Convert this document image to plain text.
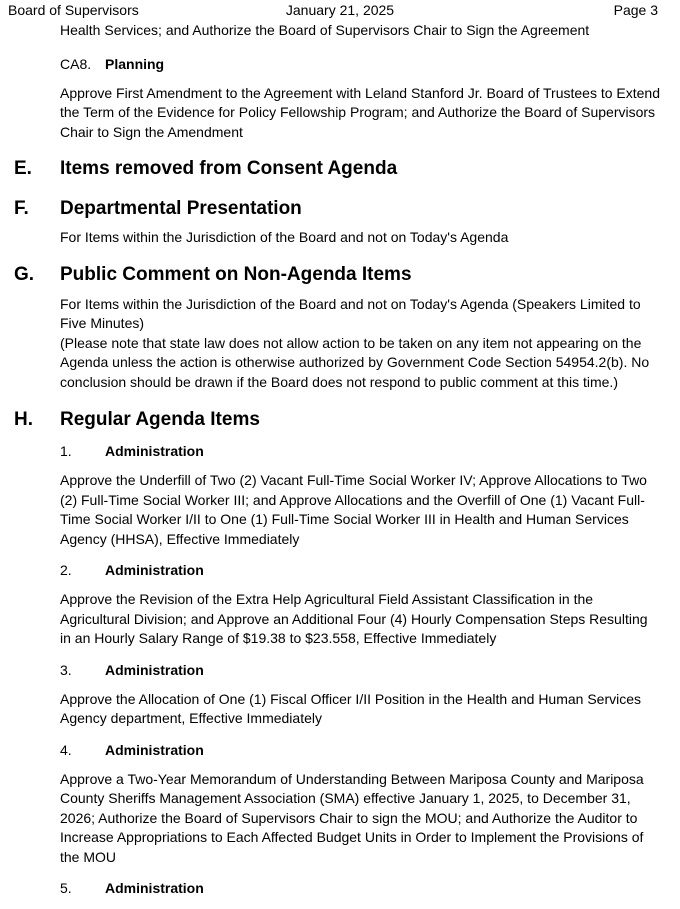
Board of Supervisors	January 21, 2025	Page 3
Health Services; and Authorize the Board of Supervisors Chair to Sign the Agreement
CA8. Planning
Approve First Amendment to the Agreement with Leland Stanford Jr. Board of Trustees to Extend the Term of the Evidence for Policy Fellowship Program; and Authorize the Board of Supervisors Chair to Sign the Amendment
E. Items removed from Consent Agenda
F. Departmental Presentation
For Items within the Jurisdiction of the Board and not on Today's Agenda
G. Public Comment on Non-Agenda Items
For Items within the Jurisdiction of the Board and not on Today's Agenda (Speakers Limited to Five Minutes)
(Please note that state law does not allow action to be taken on any item not appearing on the Agenda unless the action is otherwise authorized by Government Code Section 54954.2(b). No conclusion should be drawn if the Board does not respond to public comment at this time.)
H. Regular Agenda Items
1. Administration
Approve the Underfill of Two (2) Vacant Full-Time Social Worker IV; Approve Allocations to Two (2) Full-Time Social Worker III; and Approve Allocations and the Overfill of One (1) Vacant Full-Time Social Worker I/II to One (1) Full-Time Social Worker III in Health and Human Services Agency (HHSA), Effective Immediately
2. Administration
Approve the Revision of the Extra Help Agricultural Field Assistant Classification in the Agricultural Division; and Approve an Additional Four (4) Hourly Compensation Steps Resulting in an Hourly Salary Range of $19.38 to $23.558, Effective Immediately
3. Administration
Approve the Allocation of One (1) Fiscal Officer I/II Position in the Health and Human Services Agency department, Effective Immediately
4. Administration
Approve a Two-Year Memorandum of Understanding Between Mariposa County and Mariposa County Sheriffs Management Association (SMA) effective January 1, 2025, to December 31, 2026; Authorize the Board of Supervisors Chair to sign the MOU; and Authorize the Auditor to Increase Appropriations to Each Affected Budget Units in Order to Implement the Provisions of the MOU
5. Administration
